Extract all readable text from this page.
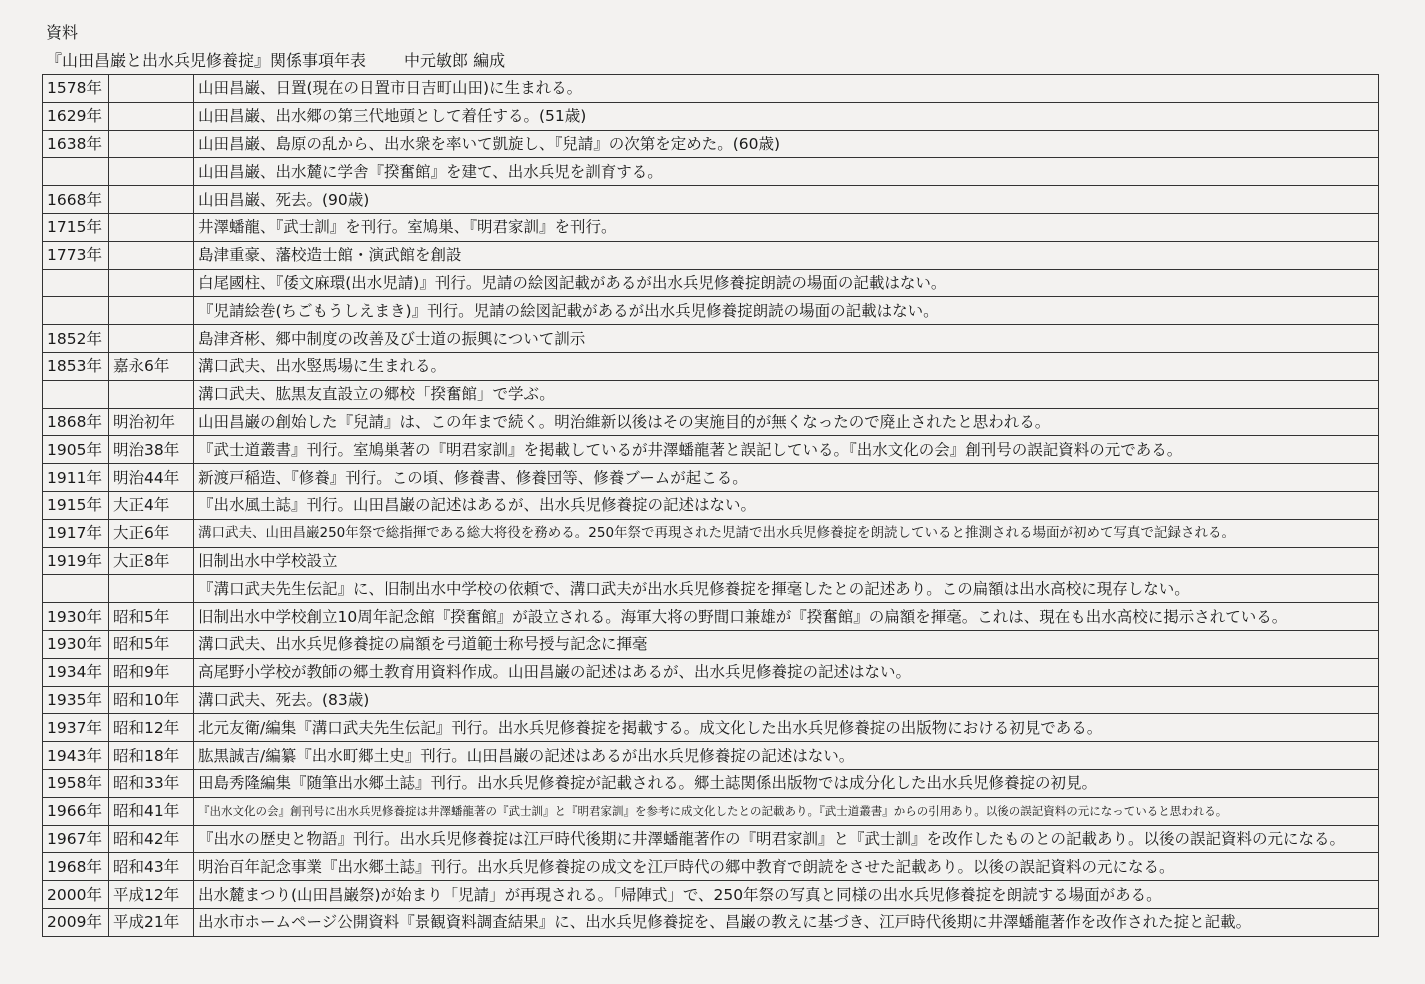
資料
『山田昌巌と出水兵児修養掟』関係事項年表 中元敏郎 編成
1578年		山田昌巌、日置(現在の日置市日吉町山田)に生まれる。
1629年		山田昌巌、出水郷の第三代地頭として着任する。(51歳)
1638年		山田昌巌、島原の乱から、出水衆を率いて凱旋し、『兒請』の次第を定めた。(60歳)
		山田昌巌、出水麓に学舎『揆奮館』を建て、出水兵児を訓育する。
1668年		山田昌巌、死去。(90歳)
1715年		井澤蟠龍、『武士訓』を刊行。室鳩巣、『明君家訓』を刊行。
1773年		島津重豪、藩校造士館・演武館を創設
		白尾國柱、『倭文麻環(出水児請)』刊行。児請の絵図記載があるが出水兵児修養掟朗読の場面の記載はない。
		『児請絵巻(ちごもうしえまき)』刊行。児請の絵図記載があるが出水兵児修養掟朗読の場面の記載はない。
1852年		島津斉彬、郷中制度の改善及び士道の振興について訓示
1853年	嘉永6年	溝口武夫、出水竪馬場に生まれる。
		溝口武夫、肱黒友直設立の郷校「揆奮館」で学ぶ。
1868年	明治初年	山田昌巌の創始した『兒請』は、この年まで続く。明治維新以後はその実施目的が無くなったので廃止されたと思われる。
1905年	明治38年	『武士道叢書』刊行。室鳩巣著の『明君家訓』を掲載しているが井澤蟠龍著と誤記している。『出水文化の会』創刊号の誤記資料の元である。
1911年	明治44年	新渡戸稲造、『修養』刊行。この頃、修養書、修養団等、修養ブームが起こる。
1915年	大正4年	『出水風土誌』刊行。山田昌巌の記述はあるが、出水兵児修養掟の記述はない。
1917年	大正6年	溝口武夫、山田昌巌250年祭で総指揮である総大将役を務める。250年祭で再現された児請で出水兵児修養掟を朗読していると推測される場面が初めて写真で記録される。
1919年	大正8年	旧制出水中学校設立
		『溝口武夫先生伝記』に、旧制出水中学校の依頼で、溝口武夫が出水兵児修養掟を揮毫したとの記述あり。この扁額は出水高校に現存しない。
1930年	昭和5年	旧制出水中学校創立10周年記念館『揆奮館』が設立される。海軍大将の野間口兼雄が『揆奮館』の扁額を揮毫。これは、現在も出水高校に掲示されている。
1930年	昭和5年	溝口武夫、出水兵児修養掟の扁額を弓道範士称号授与記念に揮毫
1934年	昭和9年	高尾野小学校が教師の郷土教育用資料作成。山田昌巌の記述はあるが、出水兵児修養掟の記述はない。
1935年	昭和10年	溝口武夫、死去。(83歳)
1937年	昭和12年	北元友衛/編集『溝口武夫先生伝記』刊行。出水兵児修養掟を掲載する。成文化した出水兵児修養掟の出版物における初見である。
1943年	昭和18年	肱黒誠吉/編纂『出水町郷土史』刊行。山田昌巌の記述はあるが出水兵児修養掟の記述はない。
1958年	昭和33年	田島秀隆編集『随筆出水郷土誌』刊行。出水兵児修養掟が記載される。郷土誌関係出版物では成分化した出水兵児修養掟の初見。
1966年	昭和41年	『出水文化の会』創刊号に出水兵児修養掟は井澤蟠龍著の『武士訓』と『明君家訓』を参考に成文化したとの記載あり。『武士道叢書』からの引用あり。以後の誤記資料の元になっていると思われる。
1967年	昭和42年	『出水の歴史と物語』刊行。出水兵児修養掟は江戸時代後期に井澤蟠龍著作の『明君家訓』と『武士訓』を改作したものとの記載あり。以後の誤記資料の元になる。
1968年	昭和43年	明治百年記念事業『出水郷土誌』刊行。出水兵児修養掟の成文を江戸時代の郷中教育で朗読をさせた記載あり。以後の誤記資料の元になる。
2000年	平成12年	出水麓まつり(山田昌巌祭)が始まり「児請」が再現される。「帰陣式」で、250年祭の写真と同様の出水兵児修養掟を朗読する場面がある。
2009年	平成21年	出水市ホームページ公開資料『景観資料調査結果』に、出水兵児修養掟を、昌巌の教えに基づき、江戸時代後期に井澤蟠龍著作を改作された掟と記載。
